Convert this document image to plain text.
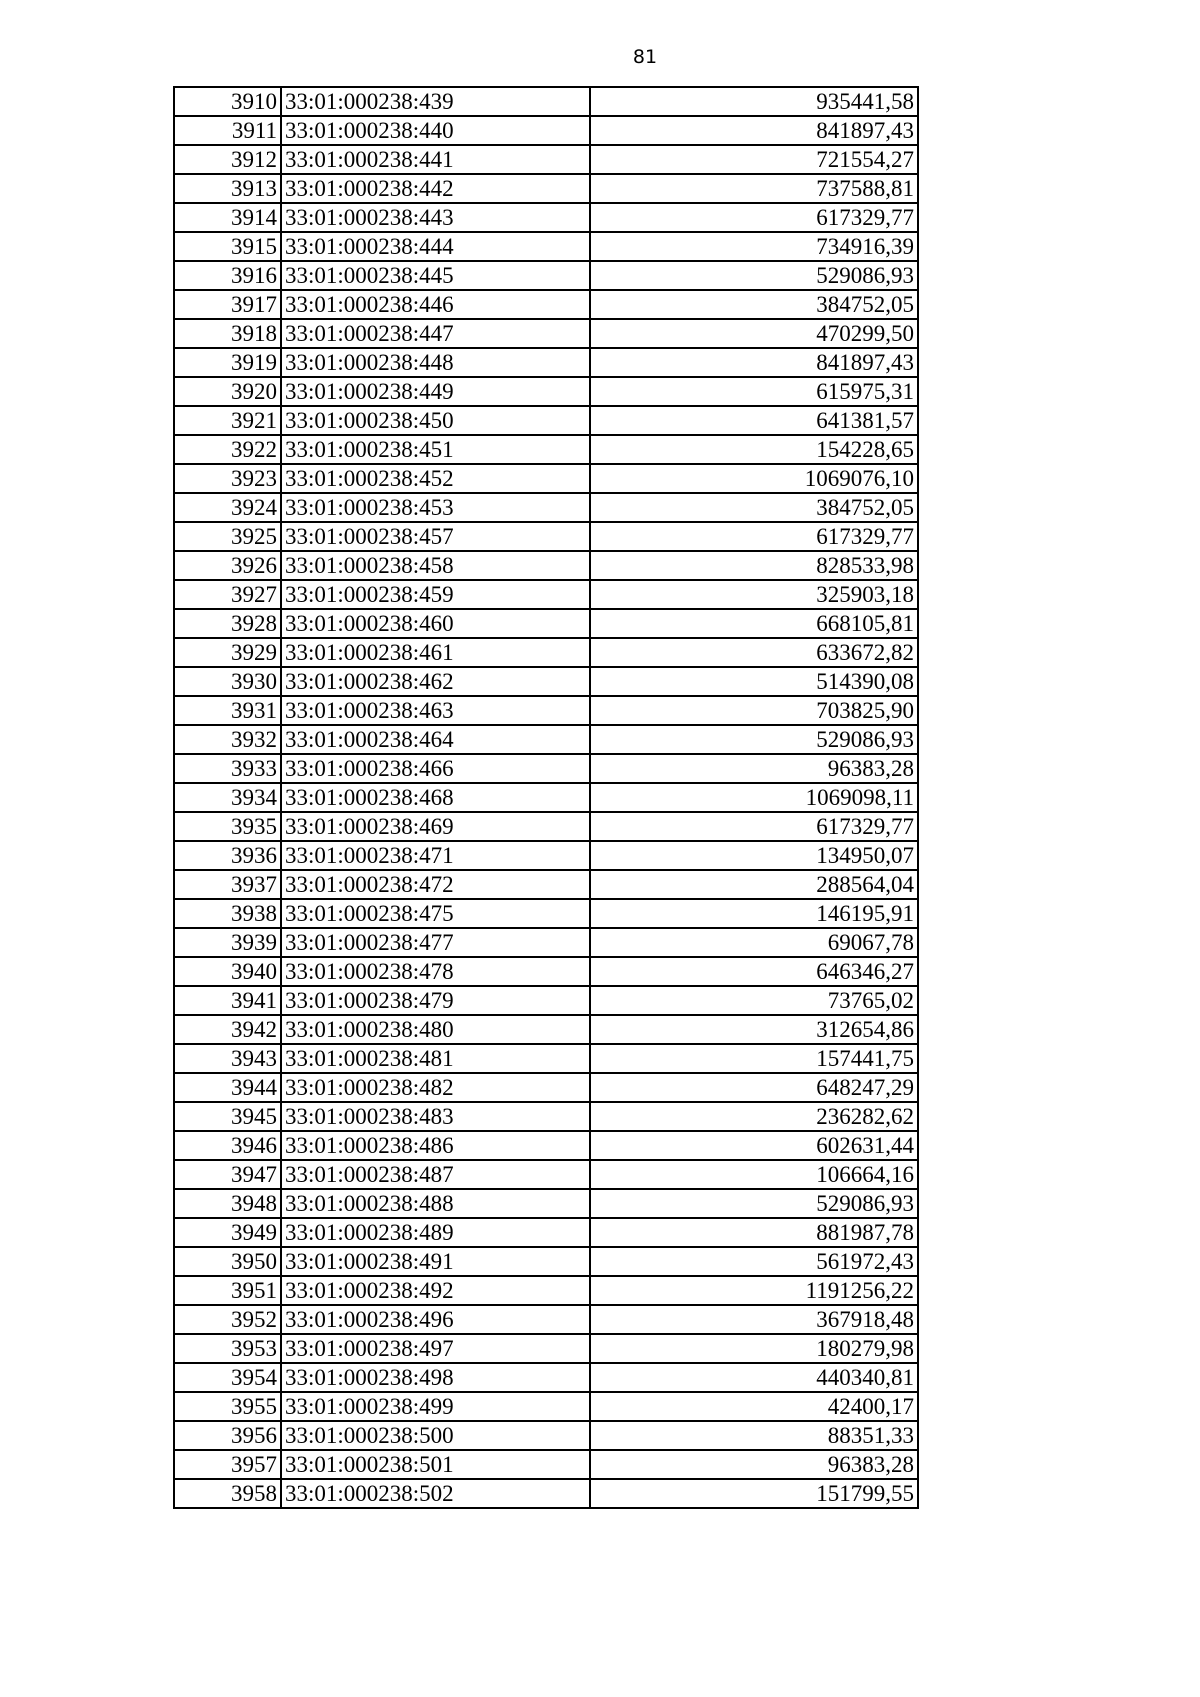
81
3910	33:01:000238:439	935441,58
3911	33:01:000238:440	841897,43
3912	33:01:000238:441	721554,27
3913	33:01:000238:442	737588,81
3914	33:01:000238:443	617329,77
3915	33:01:000238:444	734916,39
3916	33:01:000238:445	529086,93
3917	33:01:000238:446	384752,05
3918	33:01:000238:447	470299,50
3919	33:01:000238:448	841897,43
3920	33:01:000238:449	615975,31
3921	33:01:000238:450	641381,57
3922	33:01:000238:451	154228,65
3923	33:01:000238:452	1069076,10
3924	33:01:000238:453	384752,05
3925	33:01:000238:457	617329,77
3926	33:01:000238:458	828533,98
3927	33:01:000238:459	325903,18
3928	33:01:000238:460	668105,81
3929	33:01:000238:461	633672,82
3930	33:01:000238:462	514390,08
3931	33:01:000238:463	703825,90
3932	33:01:000238:464	529086,93
3933	33:01:000238:466	96383,28
3934	33:01:000238:468	1069098,11
3935	33:01:000238:469	617329,77
3936	33:01:000238:471	134950,07
3937	33:01:000238:472	288564,04
3938	33:01:000238:475	146195,91
3939	33:01:000238:477	69067,78
3940	33:01:000238:478	646346,27
3941	33:01:000238:479	73765,02
3942	33:01:000238:480	312654,86
3943	33:01:000238:481	157441,75
3944	33:01:000238:482	648247,29
3945	33:01:000238:483	236282,62
3946	33:01:000238:486	602631,44
3947	33:01:000238:487	106664,16
3948	33:01:000238:488	529086,93
3949	33:01:000238:489	881987,78
3950	33:01:000238:491	561972,43
3951	33:01:000238:492	1191256,22
3952	33:01:000238:496	367918,48
3953	33:01:000238:497	180279,98
3954	33:01:000238:498	440340,81
3955	33:01:000238:499	42400,17
3956	33:01:000238:500	88351,33
3957	33:01:000238:501	96383,28
3958	33:01:000238:502	151799,55
